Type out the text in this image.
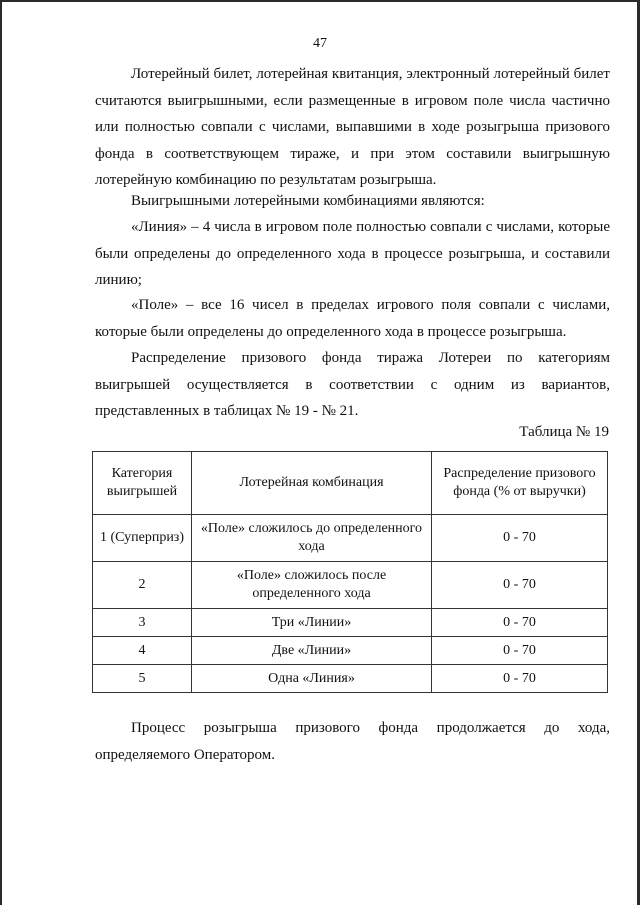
47

Лотерейный билет, лотерейная квитанция, электронный лотерейный билет считаются выигрышными, если размещенные в игровом поле числа частично или полностью совпали с числами, выпавшими в ходе розыгрыша призового фонда в соответствующем тираже, и при этом составили выигрышную лотерейную комбинацию по результатам розыгрыша.

Выигрышными лотерейными комбинациями являются:

«Линия» – 4 числа в игровом поле полностью совпали с числами, которые были определены до определенного хода в процессе розыгрыша, и составили линию;

«Поле» – все 16 чисел в пределах игрового поля совпали с числами, которые были определены до определенного хода в процессе розыгрыша.

Распределение призового фонда тиража Лотереи по категориям выигрышей осуществляется в соответствии с одним из вариантов, представленных в таблицах № 19 - № 21.

Таблица № 19
Категория выигрышей	Лотерейная комбинация	Распределение призового фонда (% от выручки)
1 (Суперприз)	«Поле» сложилось до определенного хода	0 - 70
2	«Поле» сложилось после определенного хода	0 - 70
3	Три «Линии»	0 - 70
4	Две «Линии»	0 - 70
5	Одна «Линия»	0 - 70

Процесс розыгрыша призового фонда продолжается до хода, определяемого Оператором.
